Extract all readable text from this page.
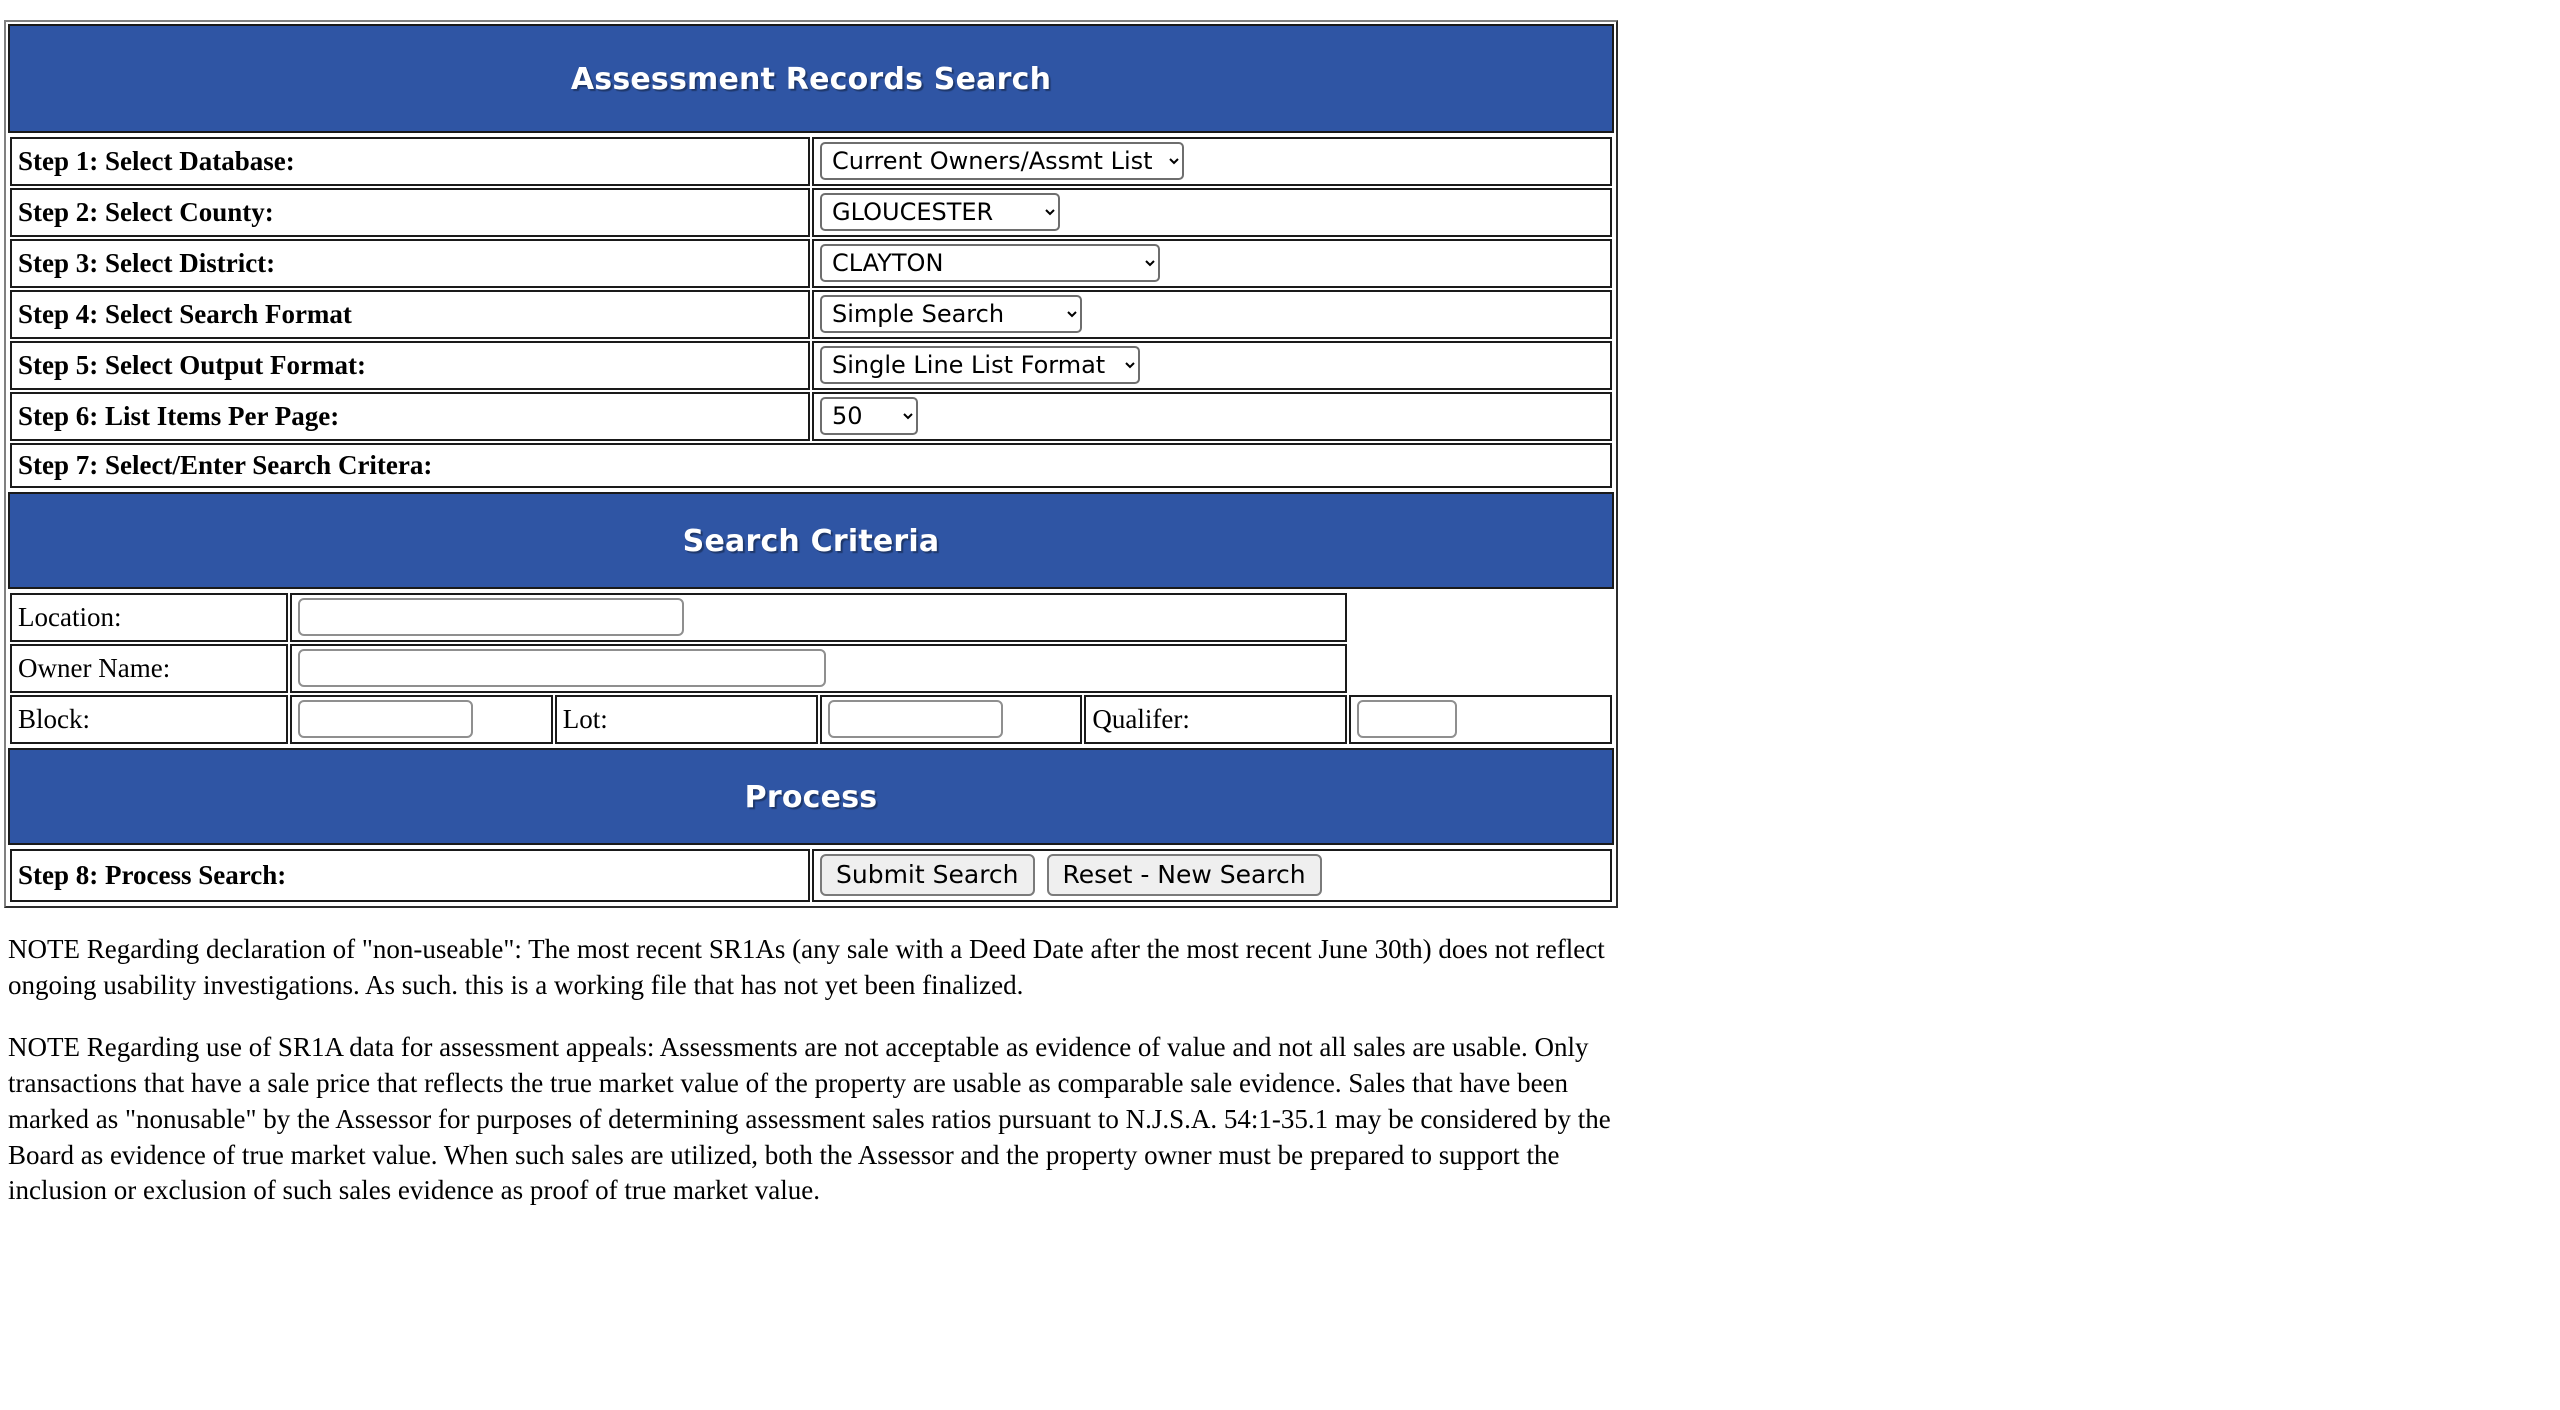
Assessment Records Search

Step 1: Select Database:	
Current Owners/Assmt List
Step 2: Select County:	
GLOUCESTER
Step 3: Select District:	
CLAYTON
Step 4: Select Search Format	
Simple Search
Step 5: Select Output Format:	
Single Line List Format
Step 6: List Items Per Page:	
50
Step 7: Select/Enter Search Critera:

Search Criteria

Location:	
Owner Name:	
Block:		Lot:		Qualifer:	

Process

Step 8: Process Search:	Submit Search Reset - New Search

NOTE Regarding declaration of "non-useable": The most recent SR1As (any sale with a Deed Date after the most recent June 30th) does not reflect ongoing usability investigations. As such. this is a working file that has not yet been finalized.

NOTE Regarding use of SR1A data for assessment appeals: Assessments are not acceptable as evidence of value and not all sales are usable. Only transactions that have a sale price that reflects the true market value of the property are usable as comparable sale evidence. Sales that have been marked as "nonusable" by the Assessor for purposes of determining assessment sales ratios pursuant to N.J.S.A. 54:1-35.1 may be considered by the Board as evidence of true market value. When such sales are utilized, both the Assessor and the property owner must be prepared to support the inclusion or exclusion of such sales evidence as proof of true market value.
